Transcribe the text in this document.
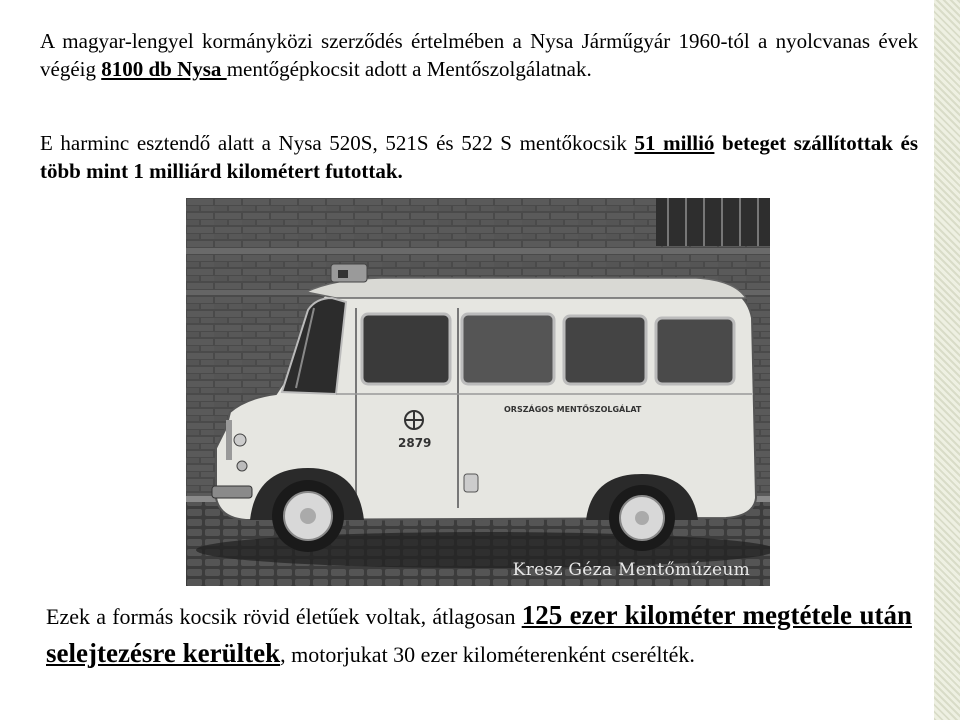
A magyar-lengyel kormányközi szerződés értelmében a Nysa Járműgyár 1960-tól a nyolcvanas évek végéig 8100 db Nysa mentőgépkocsit adott a Mentőszolgálatnak.

E harminc esztendő alatt a Nysa 520S, 521S és 522 S mentőkocsik 51 millió beteget szállítottak és több mint 1 milliárd kilométert futottak.

2879
ORSZÁGOS MENTŐSZOLGÁLAT
Kresz Géza Mentőmúzeum

Ezek a formás kocsik rövid életűek voltak, átlagosan 125 ezer kilométer megtétele után selejtezésre kerültek, motorjukat 30 ezer kilométerenként cserélték.
